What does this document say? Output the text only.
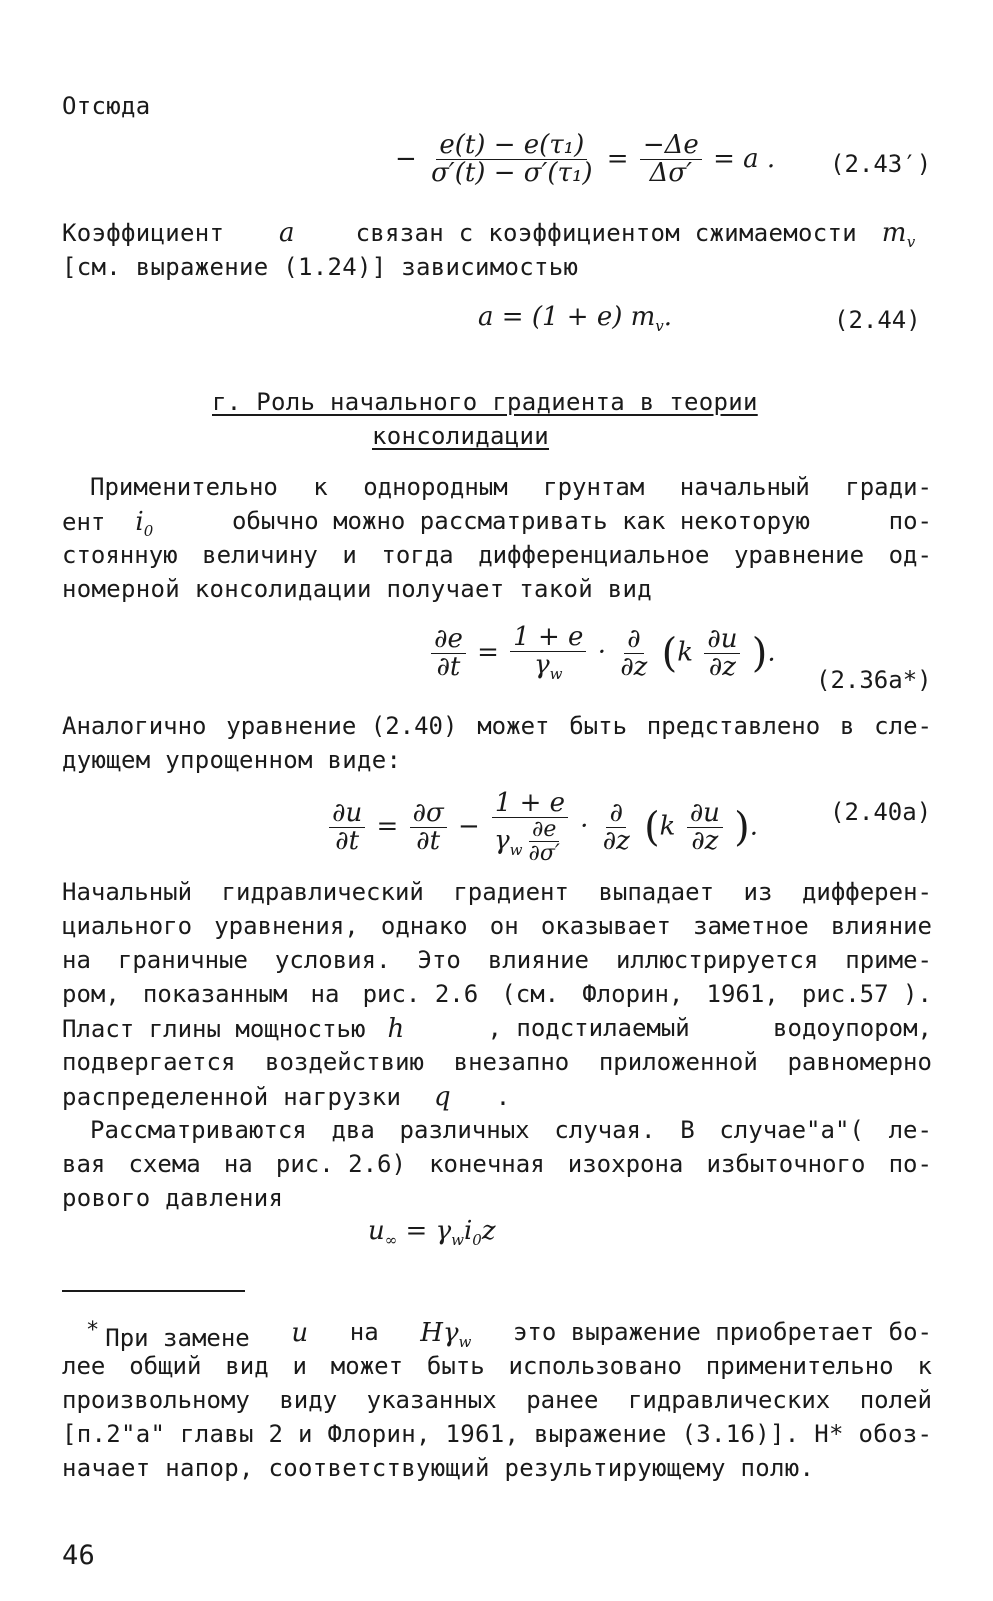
Отсюда
− $\frac{\text{e(t) − e(τ₁)}}{\text{σ′(t) − σ′(τ₁)}} = \frac{-\Delta e}{\Delta\sigma'} = a$ . (2.43′)
Коэффициент a	связан с коэффициентом сжимаемости $m_v$
[см. выражение (1.24)] зависимостью
a = (1 + e) $m_v$.	(2.44)
г. Роль начального градиента в теории
консолидации
Применительно к однородным грунтам начальный гради-
ент $i_0$	обычно можно рассматривать как некоторую	по-
стоянную величину и тогда дифференциальное уравнение од-
номерной консолидации получает такой вид
$\frac{\partial e}{\partial t} = \frac{1 + e}{\gamma_w} \cdot \frac{\partial}{\partial z} (k \frac{\partial u}{\partial z}$ ).
(2.36a*)
Аналогично уравнение (2.40) может быть представлено в сле-
дующем упрощенном виде:
$\frac{\partial u}{\partial t} = \frac{\partial\sigma}{\partial t} - \frac{1 + e}{\gamma_w \frac{\partial e}{\partial\sigma'}} \cdot \frac{\partial}{\partial z} (k \frac{\partial u}{\partial z}$ ).	(2.40a)
Начальный гидравлический градиент выпадает из дифферен-
циального уравнения, однако он оказывает заметное влияние
на граничные условия. Это влияние иллюстрируется приме-
ром, показанным на рис. 2.6 (см. Флорин, 1961, рис.57 ).
Пласт глины мощностью h	, подстилаемый	водоупором,
подвергается воздействию внезапно приложенной равномерно
распределенной нагрузки q .
Рассматриваются два различных случая. В случае"а"( ле-
вая схема на рис. 2.6) конечная изохрона избыточного по-
рового давления
$u_\infty = \gamma_wi_0z$
* При замене u на $H\gamma_w$ это выражение приобретает бо-
лее общий вид и может быть использовано применительно к
произвольному виду указанных ранее гидравлических полей
[п.2"а" главы 2 и Флорин, 1961, выражение (3.16)]. H* обоз-
начает напор, соответствующий результирующему полю.
46
